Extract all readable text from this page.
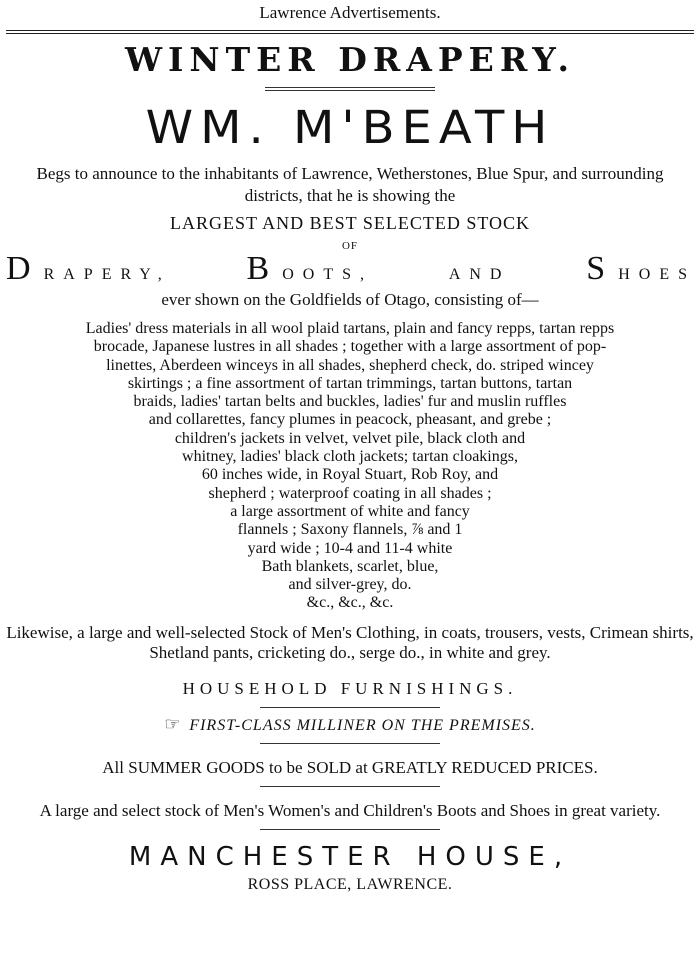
Lawrence Advertisements.
WINTER DRAPERY.
WM. M'BEATH
Begs to announce to the inhabitants of Lawrence, Wetherstones, Blue Spur, and surrounding districts, that he is showing the
LARGEST AND BEST SELECTED STOCK
OF
D RAPERY, B OOTS,	AND S HOES
ever shown on the Goldfields of Otago, consisting of—
Ladies' dress materials in all wool plaid tartans, plain and fancy repps, tartan repps
brocade, Japanese lustres in all shades ; together with a large assortment of pop-
linettes, Aberdeen winceys in all shades, shepherd check, do. striped wincey
skirtings ; a fine assortment of tartan trimmings, tartan buttons, tartan
braids, ladies' tartan belts and buckles, ladies' fur and muslin ruffles
and collarettes, fancy plumes in peacock, pheasant, and grebe ;
children's jackets in velvet, velvet pile, black cloth and
whitney, ladies' black cloth jackets; tartan cloakings,
60 inches wide, in Royal Stuart, Rob Roy, and
shepherd ; waterproof coating in all shades ;
a large assortment of white and fancy
flannels ; Saxony flannels, ⅞ and 1
yard wide ; 10-4 and 11-4 white
Bath blankets, scarlet, blue,
and silver-grey, do.
&c., &c., &c.
Likewise, a large and well-selected Stock of Men's Clothing, in coats, trousers, vests, Crimean shirts, Shetland pants, cricketing do., serge do., in white and grey.
HOUSEHOLD FURNISHINGS.
☞ FIRST-CLASS MILLINER ON THE PREMISES.
All SUMMER GOODS to be SOLD at GREATLY REDUCED PRICES.
A large and select stock of Men's Women's and Children's Boots and Shoes in great variety.
MANCHESTER HOUSE,
ROSS PLACE, LAWRENCE.
